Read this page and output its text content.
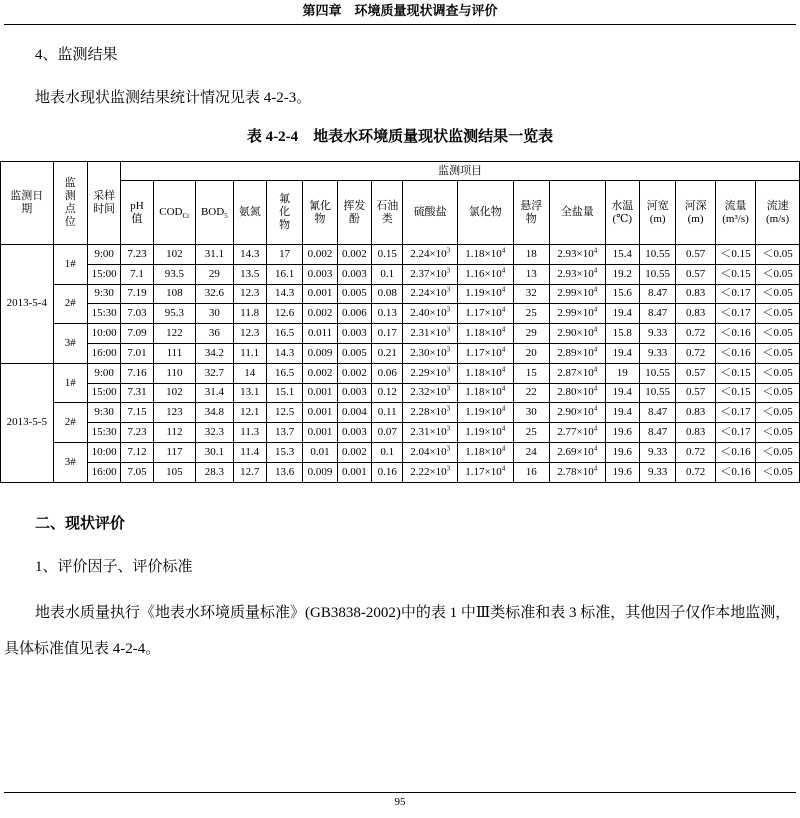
第四章　环境质量现状调查与评价
4、监测结果
地表水现状监测结果统计情况见表 4-2-3。
表 4-2-4　地表水环境质量现状监测结果一览表
监测日期	监测点位	采样时间	监测项目																
			pH值	$COD_{Cr}$	$BOD_5$	氨氮	氟化物	氰化物	挥发酚	石油类	硫酸盐	氯化物	悬浮物	全盐量	水温(℃)	河宽(m)	河深(m)	流量(m³/s)	流速(m/s)
2013-5-4	1#	9:00	7.23	102	31.1	14.3	17	0.002	0.002	0.15	$2.24\times 10^3$	$1.18\times 10^4$	18	$2.93\times 10^4$	15.4	10.55	0.57	＜0.15	＜0.05
		15:00	7.1	93.5	29	13.5	16.1	0.003	0.003	0.1	$2.37\times 10^3$	$1.16\times 10^4$	13	$2.93\times 10^4$	19.2	10.55	0.57	＜0.15	＜0.05
	2#	9:30	7.19	108	32.6	12.3	14.3	0.001	0.005	0.08	$2.24\times 10^3$	$1.19\times 10^4$	32	$2.99\times 10^4$	15.6	8.47	0.83	＜0.17	＜0.05
		15:30	7.03	95.3	30	11.8	12.6	0.002	0.006	0.13	$2.40\times 10^3$	$1.17\times 10^4$	25	$2.99\times 10^4$	19.4	8.47	0.83	＜0.17	＜0.05
	3#	10:00	7.09	122	36	12.3	16.5	0.011	0.003	0.17	$2.31\times 10^3$	$1.18\times 10^4$	29	$2.90\times 10^4$	15.8	9.33	0.72	＜0.16	＜0.05
		16:00	7.01	111	34.2	11.1	14.3	0.009	0.005	0.21	$2.30\times 10^3$	$1.17\times 10^4$	20	$2.89\times 10^4$	19.4	9.33	0.72	＜0.16	＜0.05
2013-5-5	1#	9:00	7.16	110	32.7	14	16.5	0.002	0.002	0.06	$2.29\times 10^3$	$1.18\times 10^4$	15	$2.87\times 10^4$	19	10.55	0.57	＜0.15	＜0.05
		15:00	7.31	102	31.4	13.1	15.1	0.001	0.003	0.12	$2.32\times 10^3$	$1.18\times 10^4$	22	$2.80\times 10^4$	19.4	10.55	0.57	＜0.15	＜0.05
	2#	9:30	7.15	123	34.8	12.1	12.5	0.001	0.004	0.11	$2.28\times 10^3$	$1.19\times 10^4$	30	$2.90\times 10^4$	19.4	8.47	0.83	＜0.17	＜0.05
		15:30	7.23	112	32.3	11.3	13.7	0.001	0.003	0.07	$2.31\times 10^3$	$1.19\times 10^4$	25	$2.77\times 10^4$	19.6	8.47	0.83	＜0.17	＜0.05
	3#	10:00	7.12	117	30.1	11.4	15.3	0.01	0.002	0.1	$2.04\times 10^3$	$1.18\times 10^4$	24	$2.69\times 10^4$	19.6	9.33	0.72	＜0.16	＜0.05
		16:00	7.05	105	28.3	12.7	13.6	0.009	0.001	0.16	$2.22\times 10^3$	$1.17\times 10^4$	16	$2.78\times 10^4$	19.6	9.33	0.72	＜0.16	＜0.05
二、现状评价
1、评价因子、评价标准
地表水质量执行《地表水环境质量标准》(GB3838-2002)中的表 1 中Ⅲ类标准和表 3 标准，其他因子仅作本地监测，具体标准值见表 4-2-4。
95
